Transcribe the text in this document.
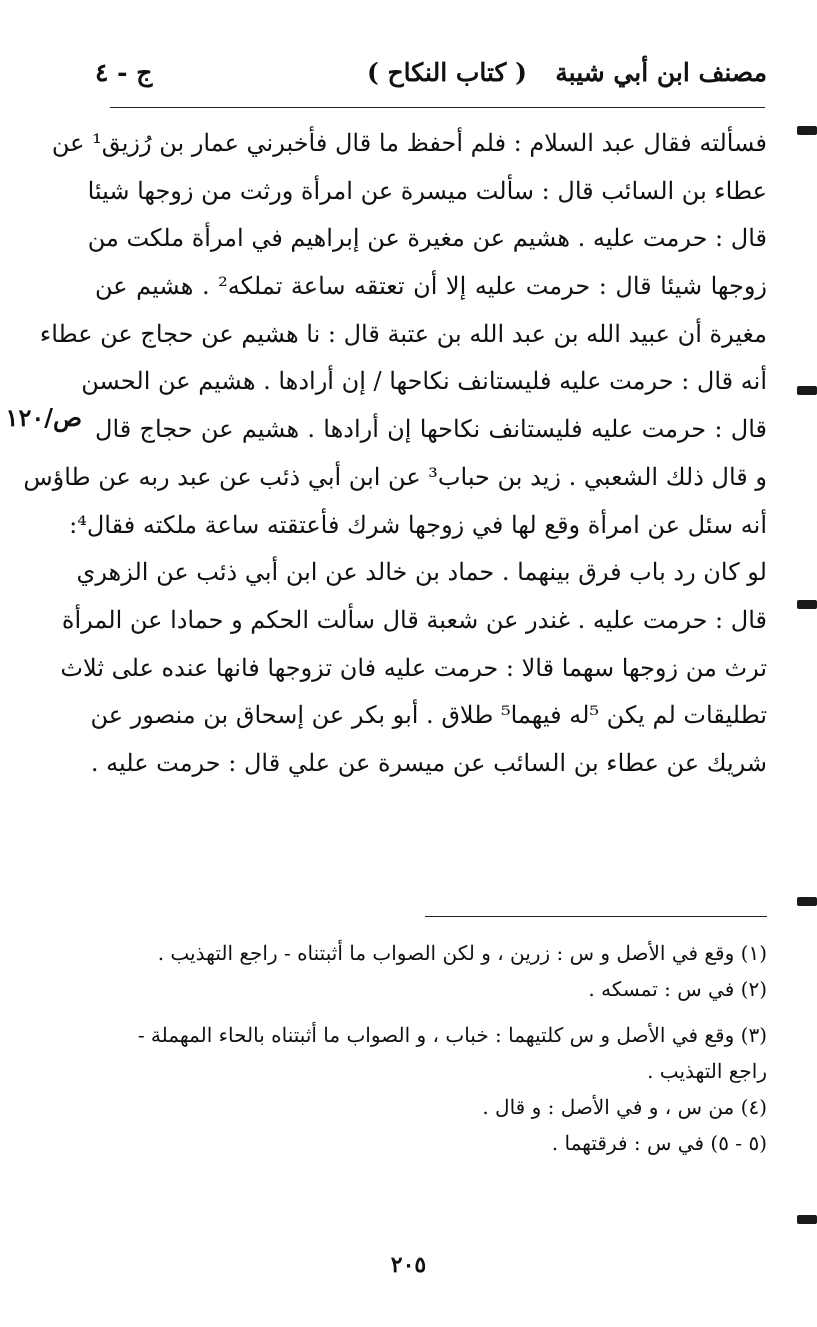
مصنف ابن أبي شيبة
( كتاب النكاح )
ج - ٤
ص/١٢٠
فسألته فقال عبد السلام : فلم أحفظ ما قال فأخبرني عمار بن رُزيق¹ عن
عطاء بن السائب قال : سألت ميسرة عن امرأة ورثت من زوجها شيئا
قال : حرمت عليه . هشيم عن مغيرة عن إبراهيم في امرأة ملكت من
زوجها شيئا قال : حرمت عليه إلا أن تعتقه ساعة تملكه² . هشيم عن
مغيرة أن عبيد الله بن عبد الله بن عتبة قال : نا هشيم عن حجاج عن عطاء
أنه قال : حرمت عليه فليستانف نكاحها / إن أرادها . هشيم عن الحسن
قال : حرمت عليه فليستانف نكاحها إن أرادها . هشيم عن حجاج قال
و قال ذلك الشعبي . زيد بن حباب³ عن ابن أبي ذئب عن عبد ربه عن طاؤس
أنه سئل عن امرأة وقع لها في زوجها شرك فأعتقته ساعة ملكته فقال⁴:
لو كان رد باب فرق بينهما . حماد بن خالد عن ابن أبي ذئب عن الزهري
قال : حرمت عليه . غندر عن شعبة قال سألت الحكم و حمادا عن المرأة
ترث من زوجها سهما قالا : حرمت عليه فان تزوجها فانها عنده على ثلاث
تطليقات لم يكن ⁵له فيهما⁵ طلاق . أبو بكر عن إسحاق بن منصور عن
شريك عن عطاء بن السائب عن ميسرة عن علي قال : حرمت عليه .
(١) وقع في الأصل و س : زرين ، و لكن الصواب ما أثبتناه - راجع التهذيب .
(٢) في س : تمسكه .
(٣) وقع في الأصل و س كلتيهما : خباب ، و الصواب ما أثبتناه بالحاء المهملة -
راجع التهذيب .
(٤) من س ، و في الأصل : و قال .
(٥ - ٥) في س : فرقتهما .
٢٠٥
